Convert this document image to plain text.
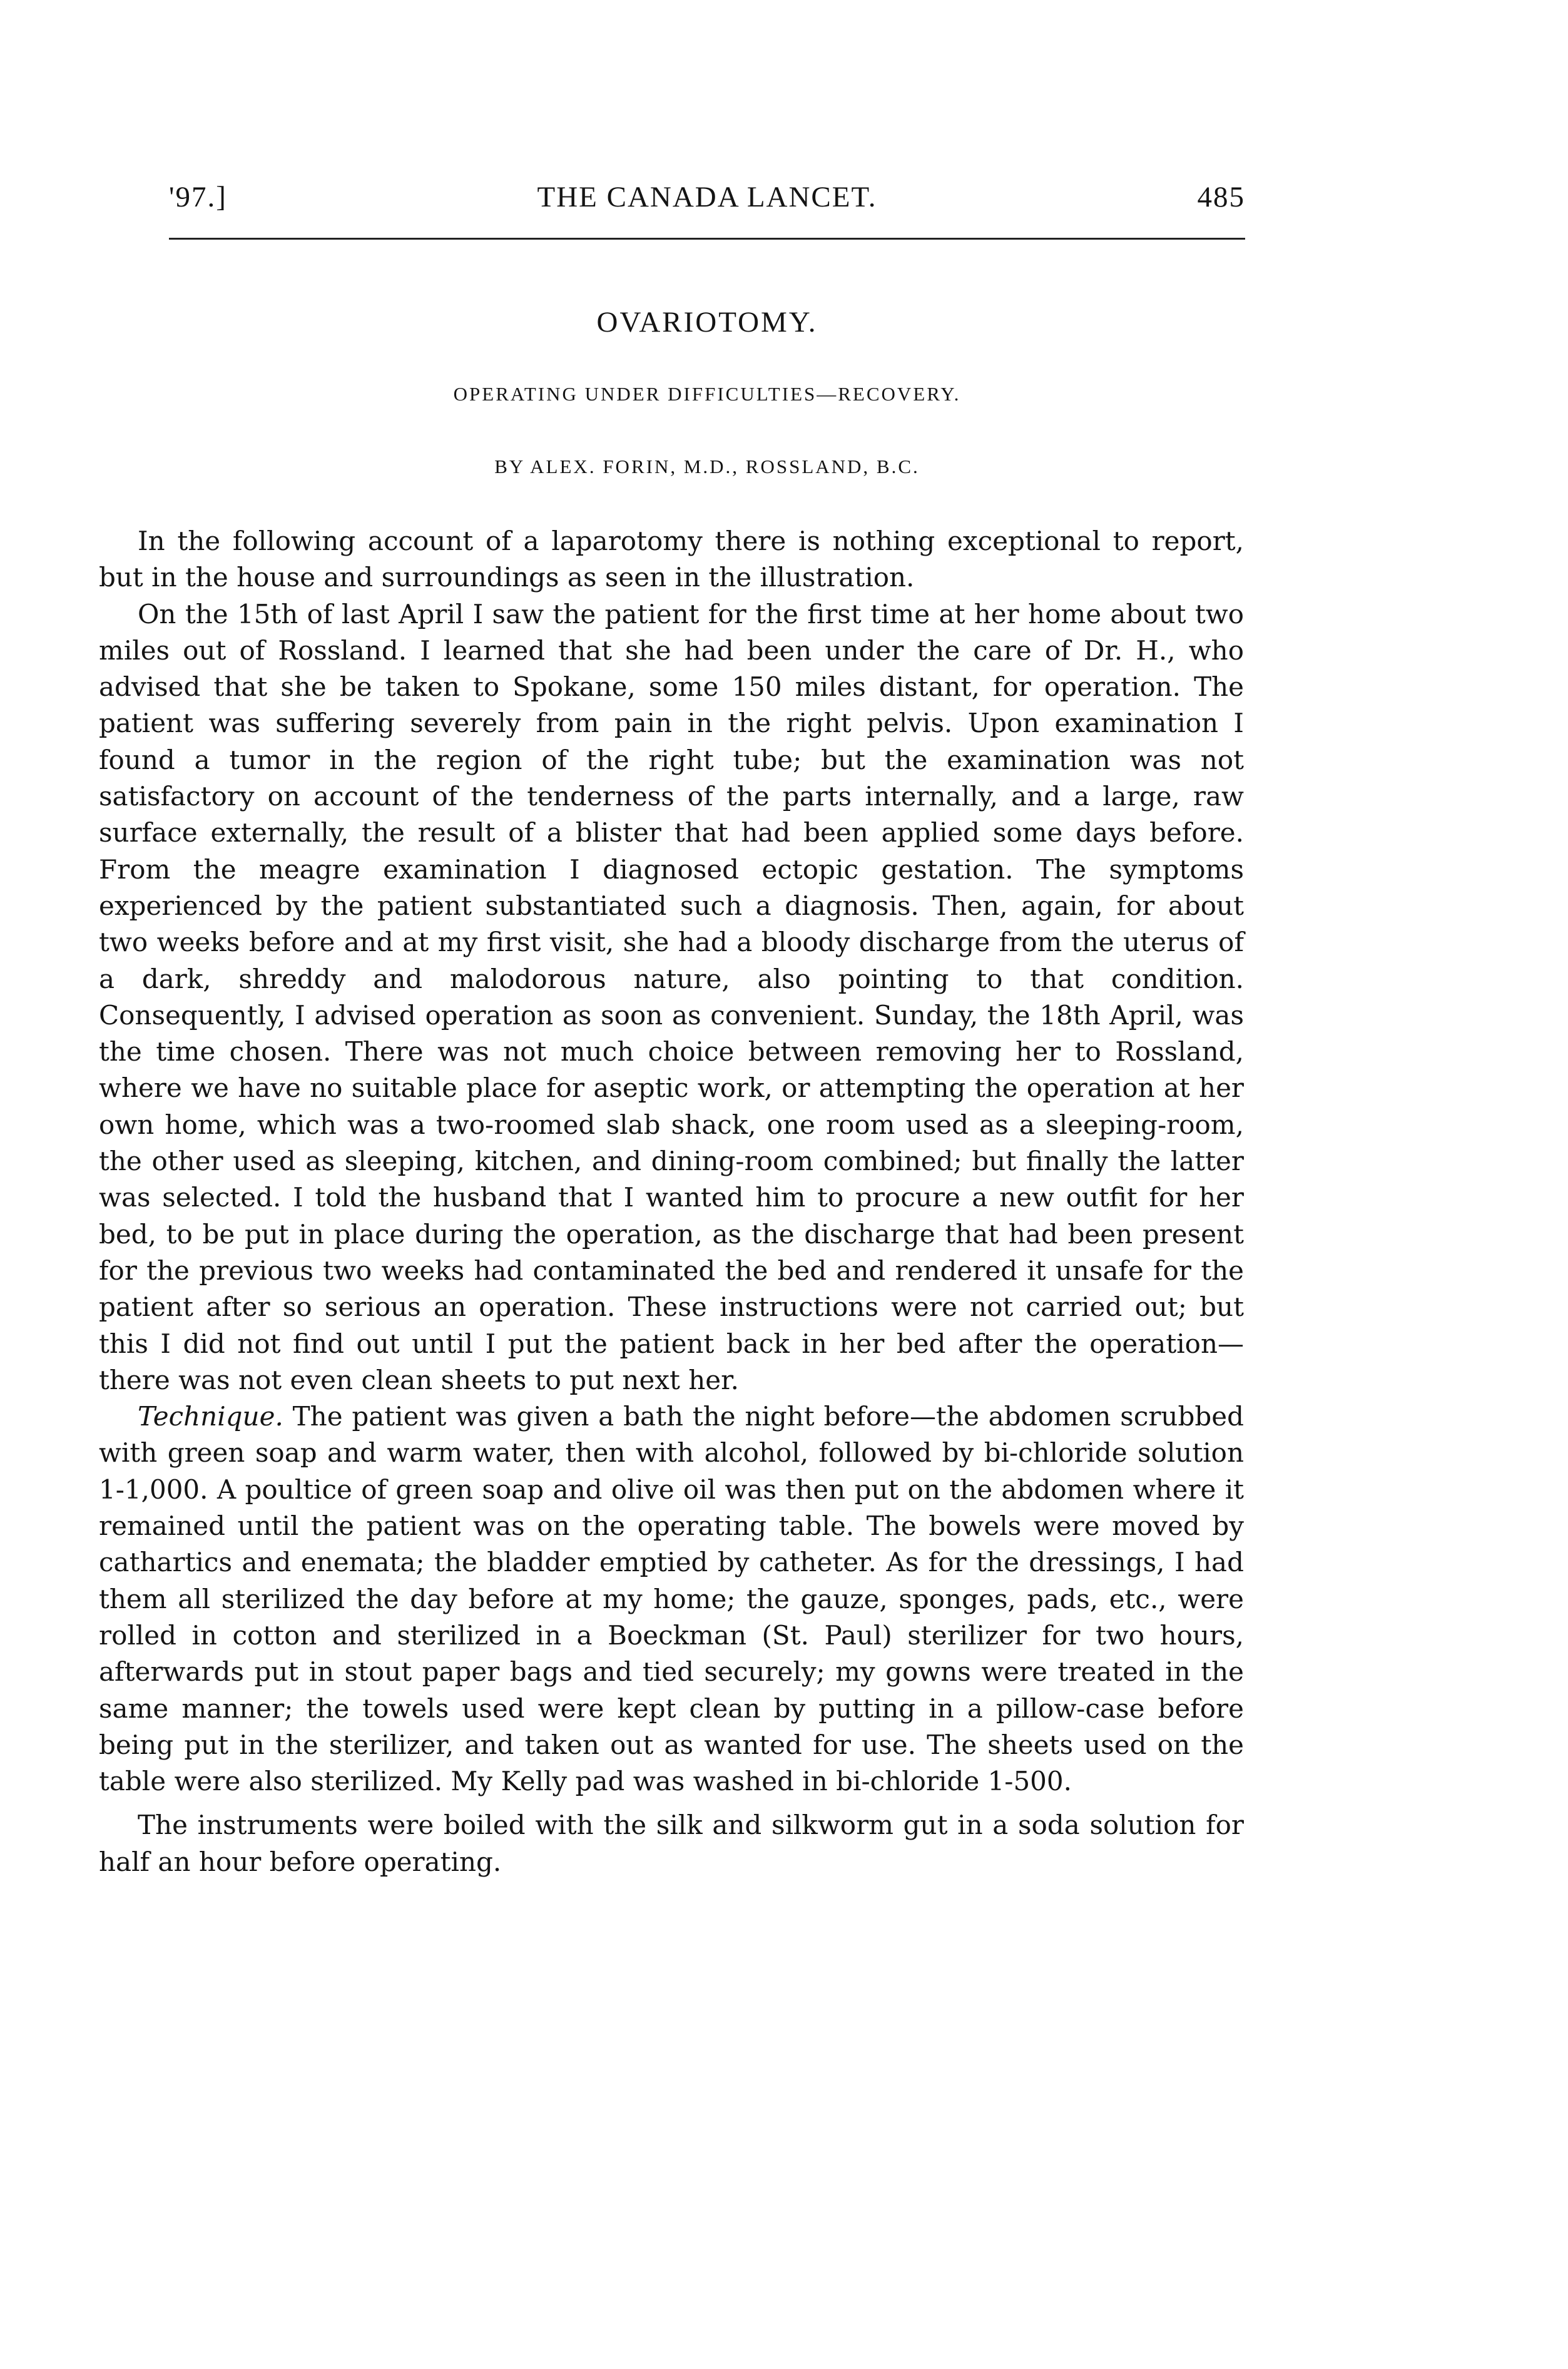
'97.]	THE CANADA LANCET.	485
OVARIOTOMY.
OPERATING UNDER DIFFICULTIES—RECOVERY.
BY ALEX. FORIN, M.D., ROSSLAND, B.C.

In the following account of a laparotomy there is nothing exceptional to report, but in the house and surroundings as seen in the illustration.

On the 15th of last April I saw the patient for the first time at her home about two miles out of Rossland. I learned that she had been under the care of Dr. H., who advised that she be taken to Spokane, some 150 miles distant, for operation. The patient was suffering severely from pain in the right pelvis. Upon examination I found a tumor in the region of the right tube; but the examination was not satisfactory on account of the tenderness of the parts internally, and a large, raw surface externally, the result of a blister that had been applied some days before. From the meagre examination I diagnosed ectopic gestation. The symptoms experienced by the patient substantiated such a diagnosis. Then, again, for about two weeks before and at my first visit, she had a bloody discharge from the uterus of a dark, shreddy and malodorous nature, also pointing to that condition. Consequently, I advised operation as soon as convenient. Sunday, the 18th April, was the time chosen. There was not much choice between removing her to Rossland, where we have no suitable place for aseptic work, or attempting the operation at her own home, which was a two-roomed slab shack, one room used as a sleeping-room, the other used as sleeping, kitchen, and dining-room combined; but finally the latter was selected. I told the husband that I wanted him to procure a new outfit for her bed, to be put in place during the operation, as the discharge that had been present for the previous two weeks had contaminated the bed and rendered it unsafe for the patient after so serious an operation. These instructions were not carried out; but this I did not find out until I put the patient back in her bed after the operation—there was not even clean sheets to put next her.

Technique. The patient was given a bath the night before—the abdomen scrubbed with green soap and warm water, then with alcohol, followed by bi-chloride solution 1-1,000. A poultice of green soap and olive oil was then put on the abdomen where it remained until the patient was on the operating table. The bowels were moved by cathartics and enemata; the bladder emptied by catheter. As for the dressings, I had them all sterilized the day before at my home; the gauze, sponges, pads, etc., were rolled in cotton and sterilized in a Boeckman (St. Paul) sterilizer for two hours, afterwards put in stout paper bags and tied securely; my gowns were treated in the same manner; the towels used were kept clean by putting in a pillow-case before being put in the sterilizer, and taken out as wanted for use. The sheets used on the table were also sterilized. My Kelly pad was washed in bi-chloride 1-500.

The instruments were boiled with the silk and silkworm gut in a soda solution for half an hour before operating.
